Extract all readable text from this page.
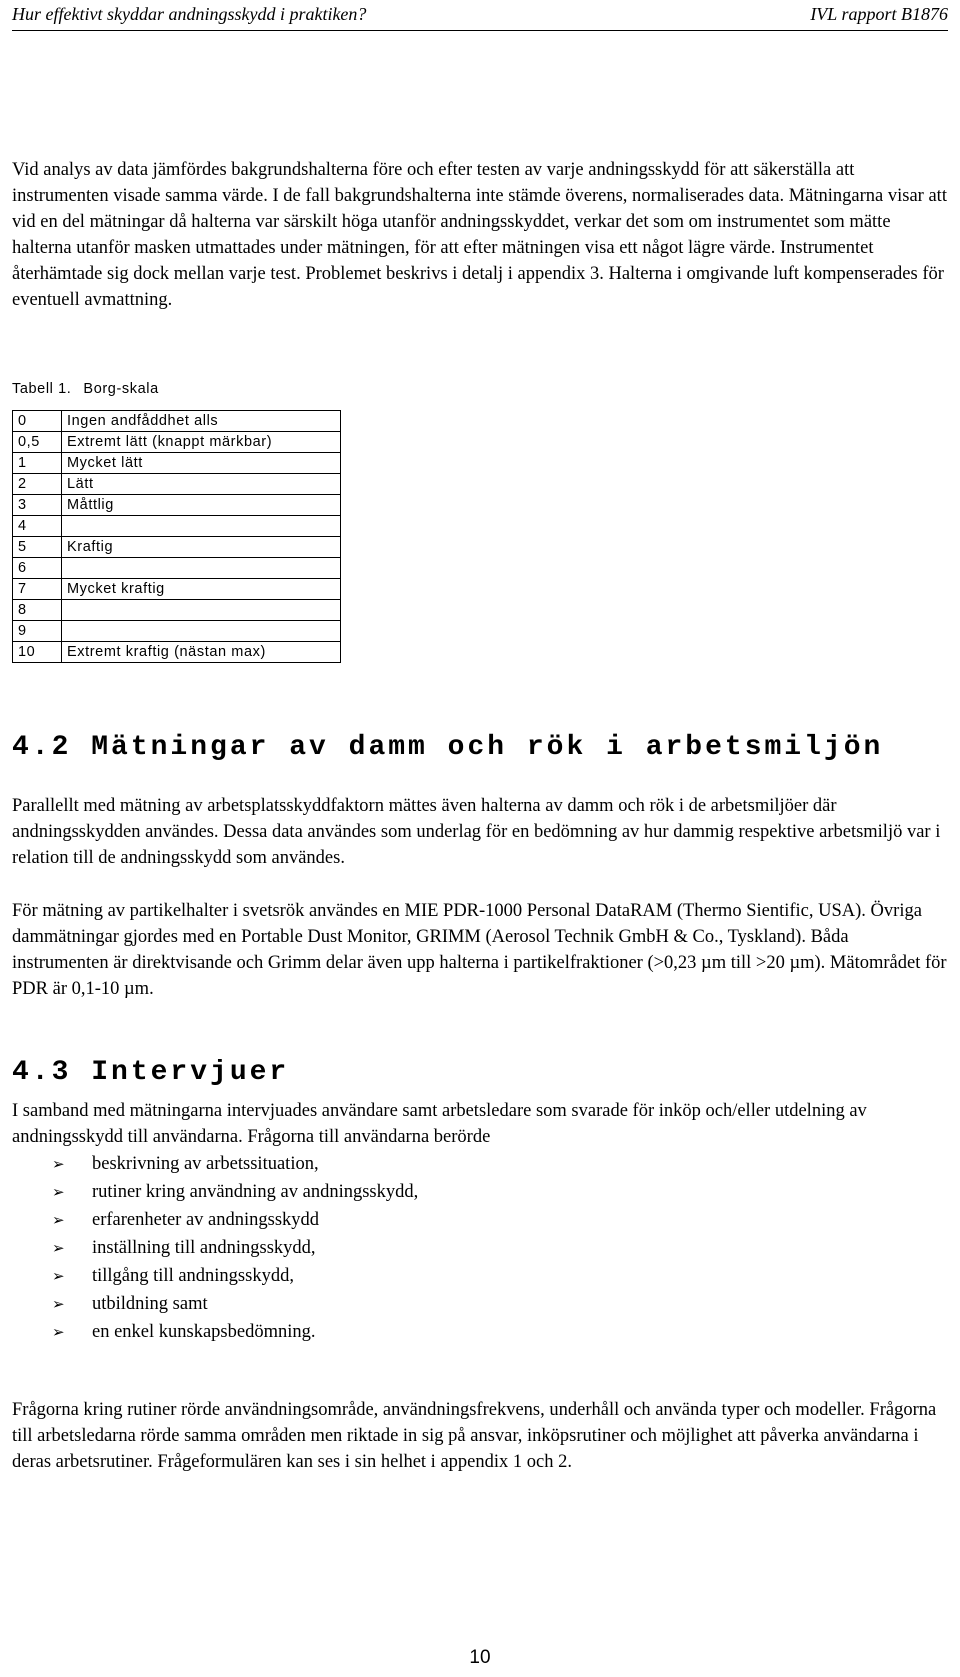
Hur effektivt skyddar andningsskydd i praktiken?	IVL rapport B1876

Vid analys av data jämfördes bakgrundshalterna före och efter testen av varje andningsskydd för att säkerställa att instrumenten visade samma värde. I de fall bakgrundshalterna inte stämde överens, normaliserades data. Mätningarna visar att vid en del mätningar då halterna var särskilt höga utanför andningsskyddet, verkar det som om instrumentet som mätte halterna utanför masken utmattades under mätningen, för att efter mätningen visa ett något lägre värde. Instrumentet återhämtade sig dock mellan varje test. Problemet beskrivs i detalj i appendix 3. Halterna i omgivande luft kompenserades för eventuell avmattning.

Tabell 1. Borg-skala
0	Ingen andfåddhet alls
0,5	Extremt lätt (knappt märkbar)
1	Mycket lätt
2	Lätt
3	Måttlig
4	
5	Kraftig
6	
7	Mycket kraftig
8	
9	
10	Extremt kraftig (nästan max)
4.2 Mätningar av damm och rök i arbetsmiljön

Parallellt med mätning av arbetsplatsskyddfaktorn mättes även halterna av damm och rök i de arbetsmiljöer där andningsskydden användes. Dessa data användes som underlag för en bedömning av hur dammig respektive arbetsmiljö var i relation till de andningsskydd som användes.

För mätning av partikelhalter i svetsrök användes en MIE PDR-1000 Personal DataRAM (Thermo Sientific, USA). Övriga dammätningar gjordes med en Portable Dust Monitor, GRIMM (Aerosol Technik GmbH & Co., Tyskland). Båda instrumenten är direktvisande och Grimm delar även upp halterna i partikelfraktioner (>0,23 µm till >20 µm). Mätområdet för PDR är 0,1-10 µm.

4.3 Intervjuer

I samband med mätningarna intervjuades användare samt arbetsledare som svarade för inköp och/eller utdelning av andningsskydd till användarna. Frågorna till användarna berörde

➢ beskrivning av arbetssituation,
➢ rutiner kring användning av andningsskydd,
➢ erfarenheter av andningsskydd
➢ inställning till andningsskydd,
➢ tillgång till andningsskydd,
➢ utbildning samt
➢ en enkel kunskapsbedömning.

Frågorna kring rutiner rörde användningsområde, användningsfrekvens, underhåll och använda typer och modeller. Frågorna till arbetsledarna rörde samma områden men riktade in sig på ansvar, inköpsrutiner och möjlighet att påverka användarna i deras arbetsrutiner. Frågeformulären kan ses i sin helhet i appendix 1 och 2.

10
